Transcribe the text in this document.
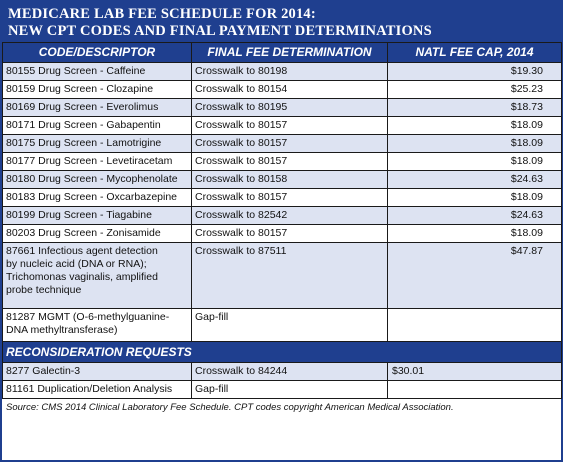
MEDICARE LAB FEE SCHEDULE FOR 2014:
NEW CPT CODES AND FINAL PAYMENT DETERMINATIONS
CODE/DESCRIPTOR	FINAL FEE DETERMINATION	NATL FEE CAP, 2014
80155 Drug Screen - Caffeine	Crosswalk to 80198	$19.30
80159 Drug Screen - Clozapine	Crosswalk to 80154	$25.23
80169 Drug Screen - Everolimus	Crosswalk to 80195	$18.73
80171 Drug Screen - Gabapentin	Crosswalk to 80157	$18.09
80175 Drug Screen - Lamotrigine	Crosswalk to 80157	$18.09
80177 Drug Screen - Levetiracetam	Crosswalk to 80157	$18.09
80180 Drug Screen - Mycophenolate	Crosswalk to 80158	$24.63
80183 Drug Screen - Oxcarbazepine	Crosswalk to 80157	$18.09
80199 Drug Screen - Tiagabine	Crosswalk to 82542	$24.63
80203 Drug Screen - Zonisamide	Crosswalk to 80157	$18.09

87661 Infectious agent detection
by nucleic acid (DNA or RNA);
Trichomonas vaginalis, amplified
probe technique	Crosswalk to 87511	$47.87

81287 MGMT (O-6-methylguanine-
DNA methyltransferase)	Gap-fill	
RECONSIDERATION REQUESTS		
8277 Galectin-3	Crosswalk to 84244	$30.01
81161 Duplication/Deletion Analysis	Gap-fill	
Source: CMS 2014 Clinical Laboratory Fee Schedule. CPT codes copyright American Medical Association.
